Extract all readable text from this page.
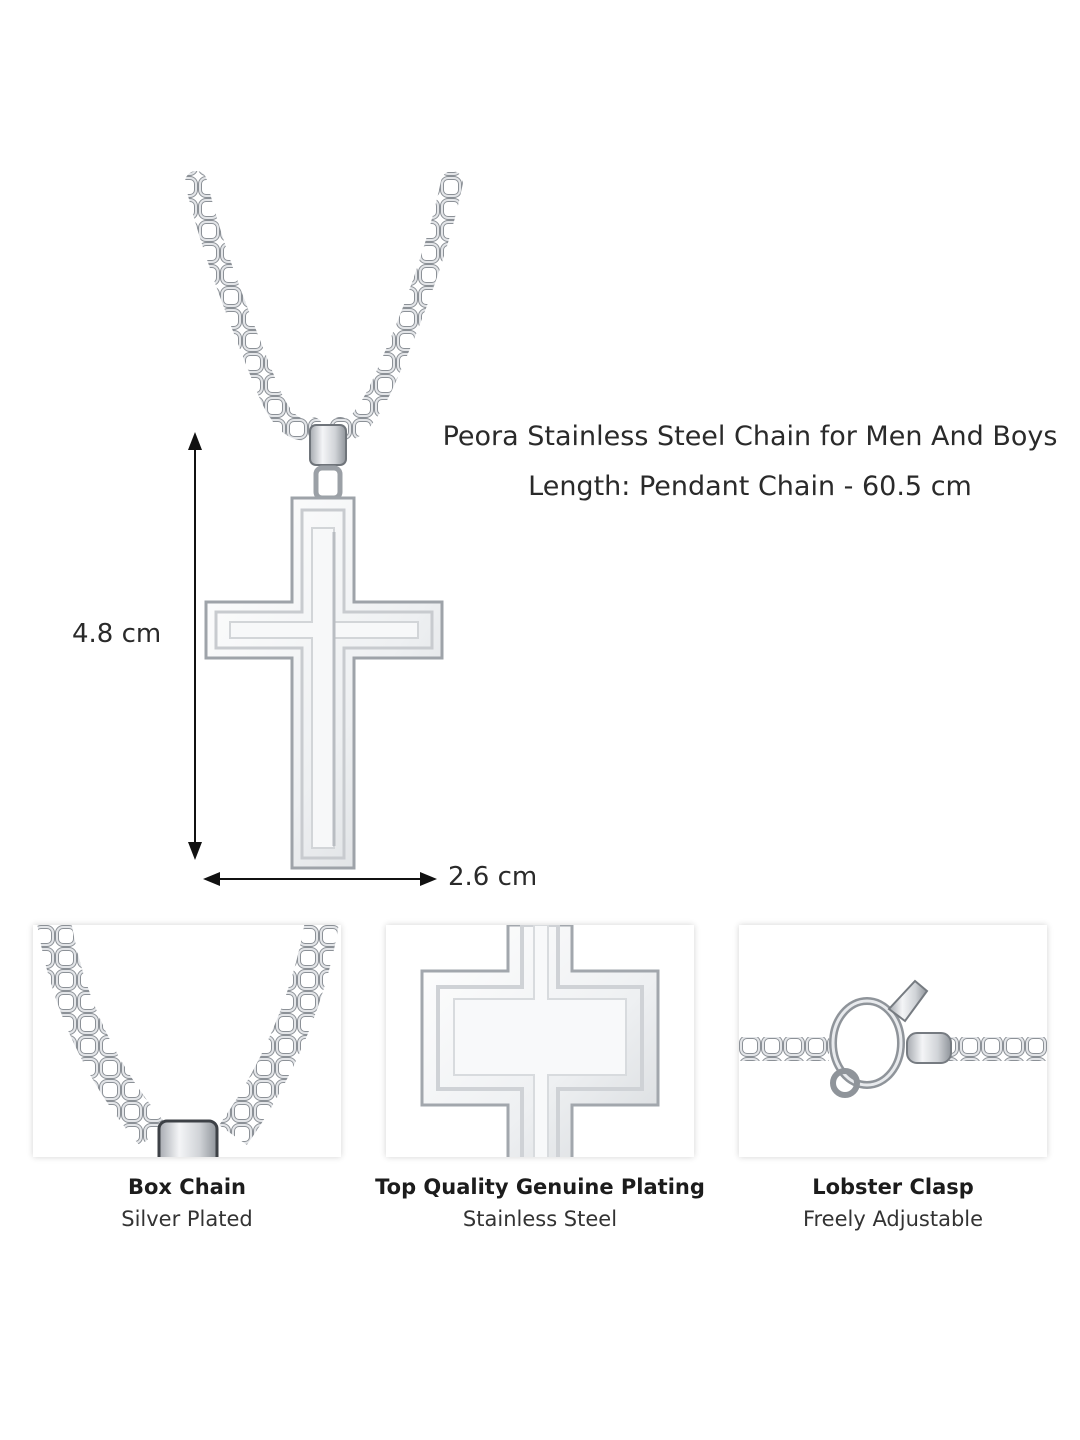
4.8 cm
2.6 cm
Peora Stainless Steel Chain for Men And Boys
Length: Pendant Chain - 60.5 cm
Box Chain
Silver Plated
Top Quality Genuine Plating
Stainless Steel
Lobster Clasp
Freely Adjustable
